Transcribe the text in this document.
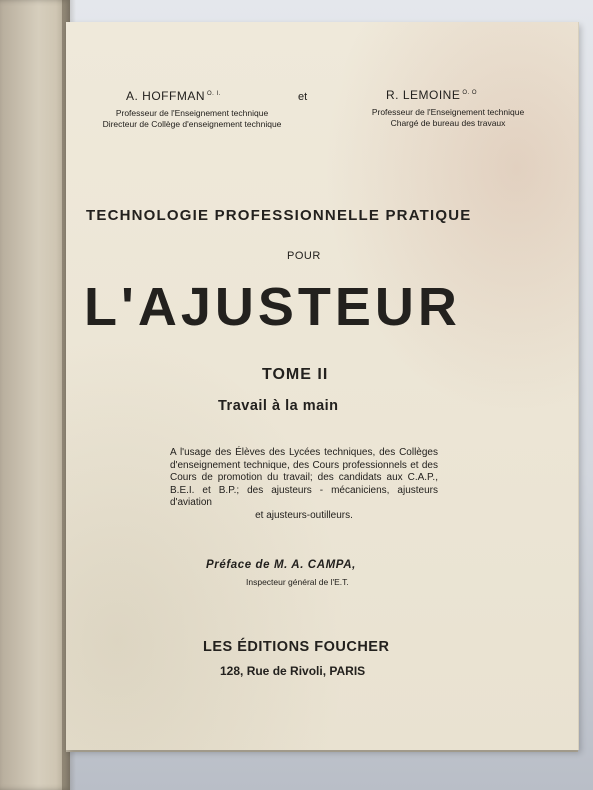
A. HOFFMAN $^{O. I.}$
Professeur de l'Enseignement technique
Directeur de Collège d'enseignement technique
et	R. LEMOINE $^{O. O}$
Professeur de l'Enseignement technique
Chargé de bureau des travaux
TECHNOLOGIE PROFESSIONNELLE PRATIQUE
POUR
L'AJUSTEUR
TOME II
Travail à la main
A l'usage des Élèves des Lycées techniques, des Collèges d'enseignement technique, des Cours professionnels et des Cours de promotion du travail; des candidats aux C.A.P., B.E.I. et B.P.; des ajusteurs - mécaniciens, ajusteurs d'aviation
et ajusteurs-outilleurs.
Préface de M. A. CAMPA,
Inspecteur général de l'E.T.
LES ÉDITIONS FOUCHER
128, Rue de Rivoli, PARIS
